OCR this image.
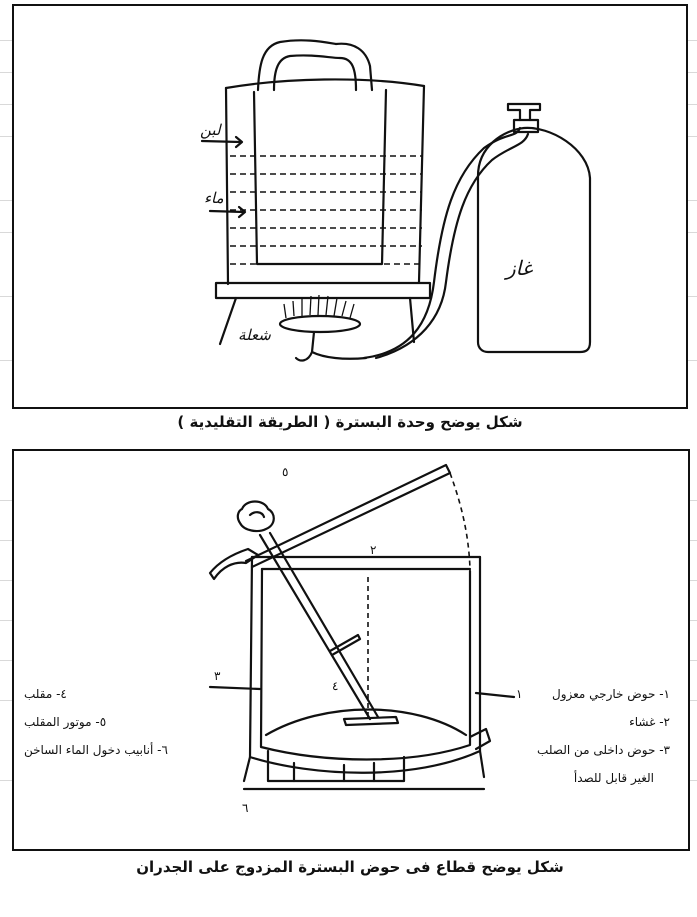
لبن
ماء
غاز
شعلة
شكل يوضح وحدة البسترة ( الطريقة التقليدية )
٥
٢
٣
١
٤
٦
١- حوض خارجي معزول
٢- غشاء
٣- حوض داخلى من الصلب
الغير قابل للصدأ
٤- مقلب
٥- موتور المقلب
٦- أنابيب دخول الماء الساخن
شكل يوضح قطاع فى حوض البسترة المزدوج على الجدران
